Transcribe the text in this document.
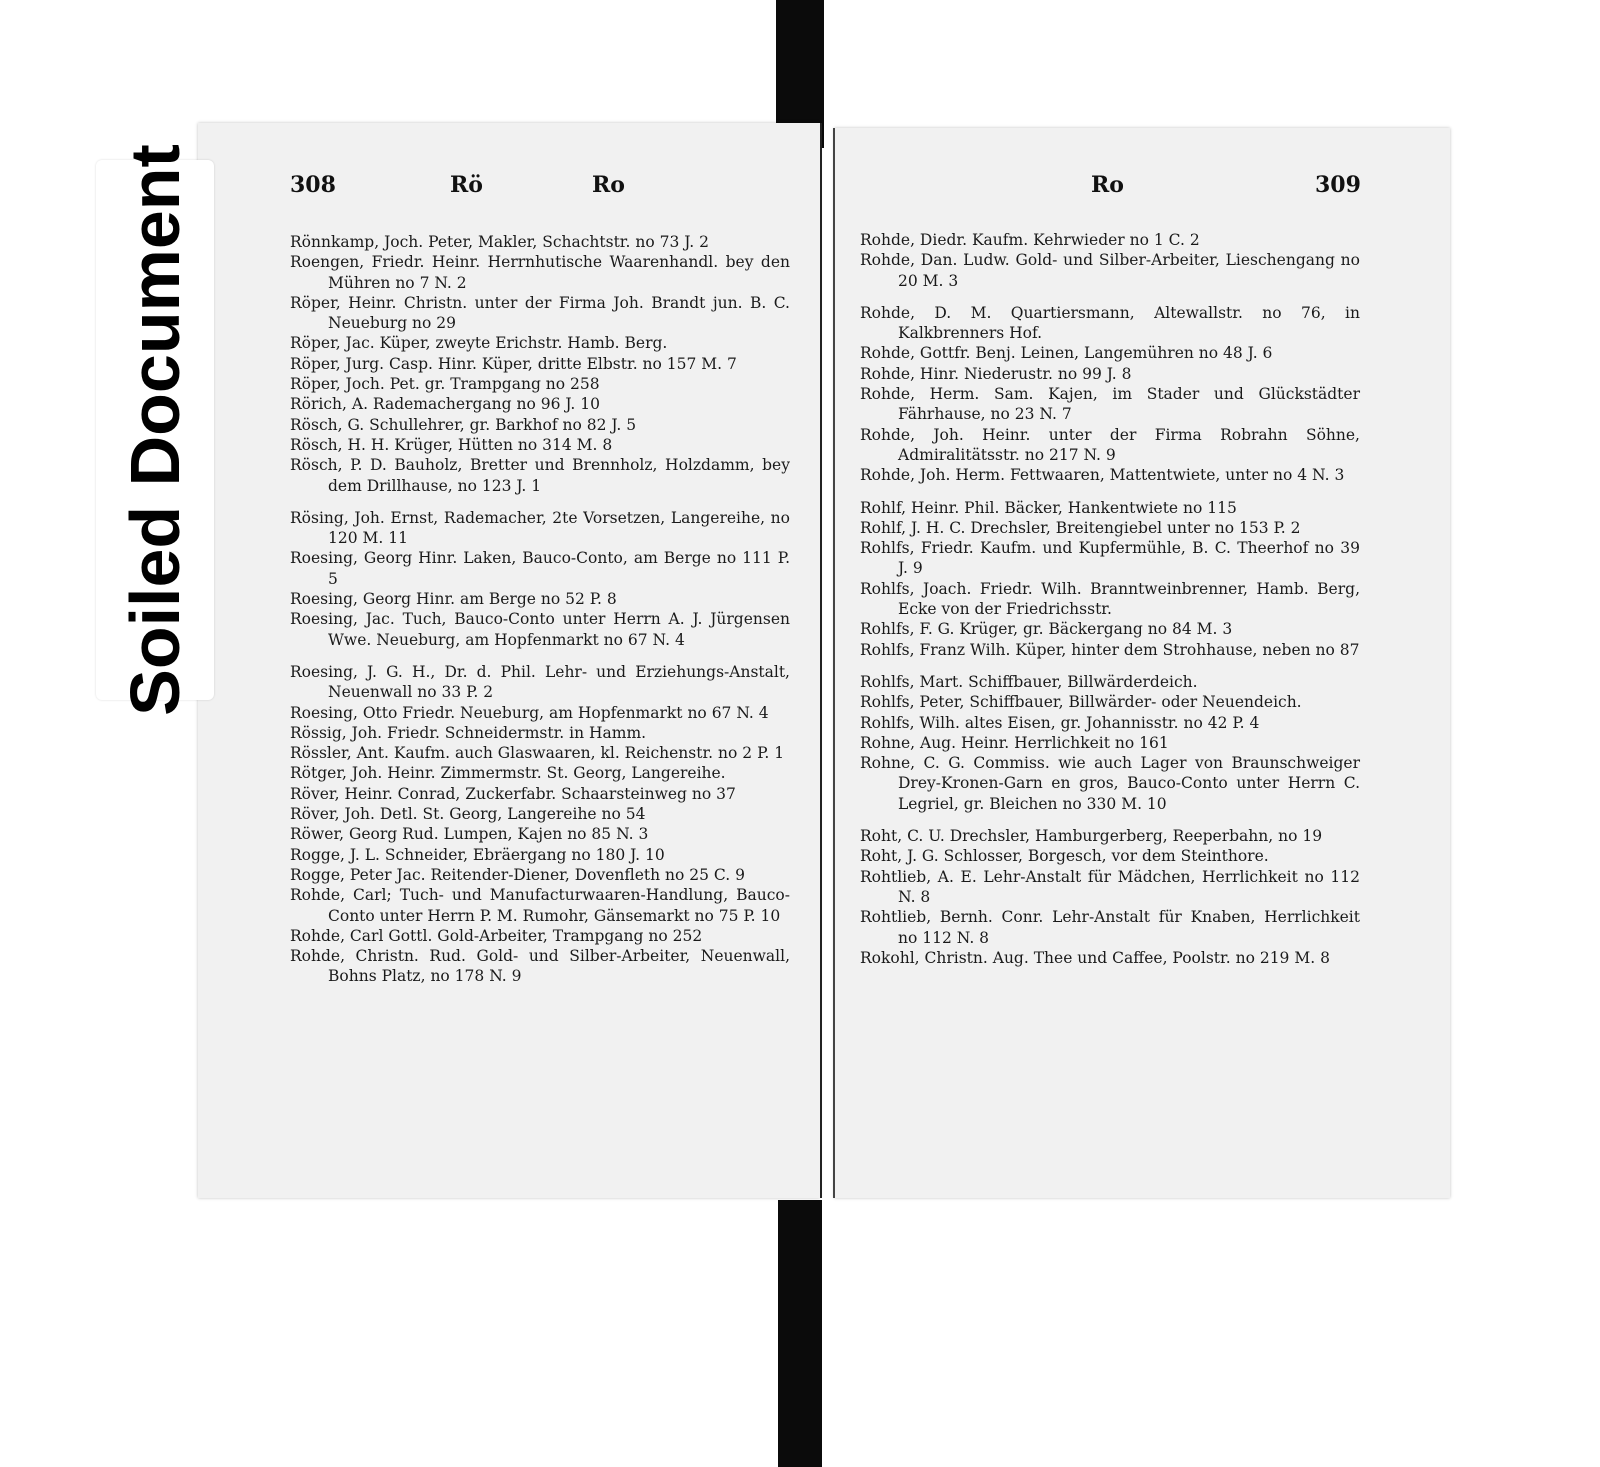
Soiled Document	308	Rö	Ro	Ro	309
Rönnkamp, Joch. Peter, Makler, Schachtstr. no 73 J. 2
Roengen, Friedr. Heinr. Herrnhutische Waarenhandl. bey den Mühren no 7 N. 2
Röper, Heinr. Christn. unter der Firma Joh. Brandt jun. B. C. Neueburg no 29
Röper, Jac. Küper, zweyte Erichstr. Hamb. Berg.
Röper, Jurg. Casp. Hinr. Küper, dritte Elbstr. no 157 M. 7
Röper, Joch. Pet. gr. Trampgang no 258
Rörich, A. Rademachergang no 96 J. 10
Rösch, G. Schullehrer, gr. Barkhof no 82 J. 5
Rösch, H. H. Krüger, Hütten no 314 M. 8
Rösch, P. D. Bauholz, Bretter und Brennholz, Holzdamm, bey dem Drillhause, no 123 J. 1
Rösing, Joh. Ernst, Rademacher, 2te Vorsetzen, Langereihe, no 120 M. 11
Roesing, Georg Hinr. Laken, Bauco-Conto, am Berge no 111 P. 5
Roesing, Georg Hinr. am Berge no 52 P. 8
Roesing, Jac. Tuch, Bauco-Conto unter Herrn A. J. Jürgensen Wwe. Neueburg, am Hopfenmarkt no 67 N. 4
Roesing, J. G. H., Dr. d. Phil. Lehr- und Erziehungs-Anstalt, Neuenwall no 33 P. 2
Roesing, Otto Friedr. Neueburg, am Hopfenmarkt no 67 N. 4
Rössig, Joh. Friedr. Schneidermstr. in Hamm.
Rössler, Ant. Kaufm. auch Glaswaaren, kl. Reichenstr. no 2 P. 1
Rötger, Joh. Heinr. Zimmermstr. St. Georg, Langereihe.
Röver, Heinr. Conrad, Zuckerfabr. Schaarsteinweg no 37
Röver, Joh. Detl. St. Georg, Langereihe no 54
Röwer, Georg Rud. Lumpen, Kajen no 85 N. 3
Rogge, J. L. Schneider, Ebräergang no 180 J. 10
Rogge, Peter Jac. Reitender-Diener, Dovenfleth no 25 C. 9
Rohde, Carl; Tuch- und Manufacturwaaren-Handlung, Bauco-Conto unter Herrn P. M. Rumohr, Gänsemarkt no 75 P. 10
Rohde, Carl Gottl. Gold-Arbeiter, Trampgang no 252
Rohde, Christn. Rud. Gold- und Silber-Arbeiter, Neuenwall, Bohns Platz, no 178 N. 9
Rohde, Diedr. Kaufm. Kehrwieder no 1 C. 2
Rohde, Dan. Ludw. Gold- und Silber-Arbeiter, Lieschengang no 20 M. 3
Rohde, D. M. Quartiersmann, Altewallstr. no 76, in Kalkbrenners Hof.
Rohde, Gottfr. Benj. Leinen, Langemühren no 48 J. 6
Rohde, Hinr. Niederustr. no 99 J. 8
Rohde, Herm. Sam. Kajen, im Stader und Glückstädter Fährhause, no 23 N. 7
Rohde, Joh. Heinr. unter der Firma Robrahn Söhne, Admiralitätsstr. no 217 N. 9
Rohde, Joh. Herm. Fettwaaren, Mattentwiete, unter no 4 N. 3
Rohlf, Heinr. Phil. Bäcker, Hankentwiete no 115
Rohlf, J. H. C. Drechsler, Breitengiebel unter no 153 P. 2
Rohlfs, Friedr. Kaufm. und Kupfermühle, B. C. Theerhof no 39 J. 9
Rohlfs, Joach. Friedr. Wilh. Branntweinbrenner, Hamb. Berg, Ecke von der Friedrichsstr.
Rohlfs, F. G. Krüger, gr. Bäckergang no 84 M. 3
Rohlfs, Franz Wilh. Küper, hinter dem Strohhause, neben no 87
Rohlfs, Mart. Schiffbauer, Billwärderdeich.
Rohlfs, Peter, Schiffbauer, Billwärder- oder Neuendeich.
Rohlfs, Wilh. altes Eisen, gr. Johannisstr. no 42 P. 4
Rohne, Aug. Heinr. Herrlichkeit no 161
Rohne, C. G. Commiss. wie auch Lager von Braunschweiger Drey-Kronen-Garn en gros, Bauco-Conto unter Herrn C. Legriel, gr. Bleichen no 330 M. 10
Roht, C. U. Drechsler, Hamburgerberg, Reeperbahn, no 19
Roht, J. G. Schlosser, Borgesch, vor dem Steinthore.
Rohtlieb, A. E. Lehr-Anstalt für Mädchen, Herrlichkeit no 112 N. 8
Rohtlieb, Bernh. Conr. Lehr-Anstalt für Knaben, Herrlichkeit no 112 N. 8
Rokohl, Christn. Aug. Thee und Caffee, Poolstr. no 219 M. 8
